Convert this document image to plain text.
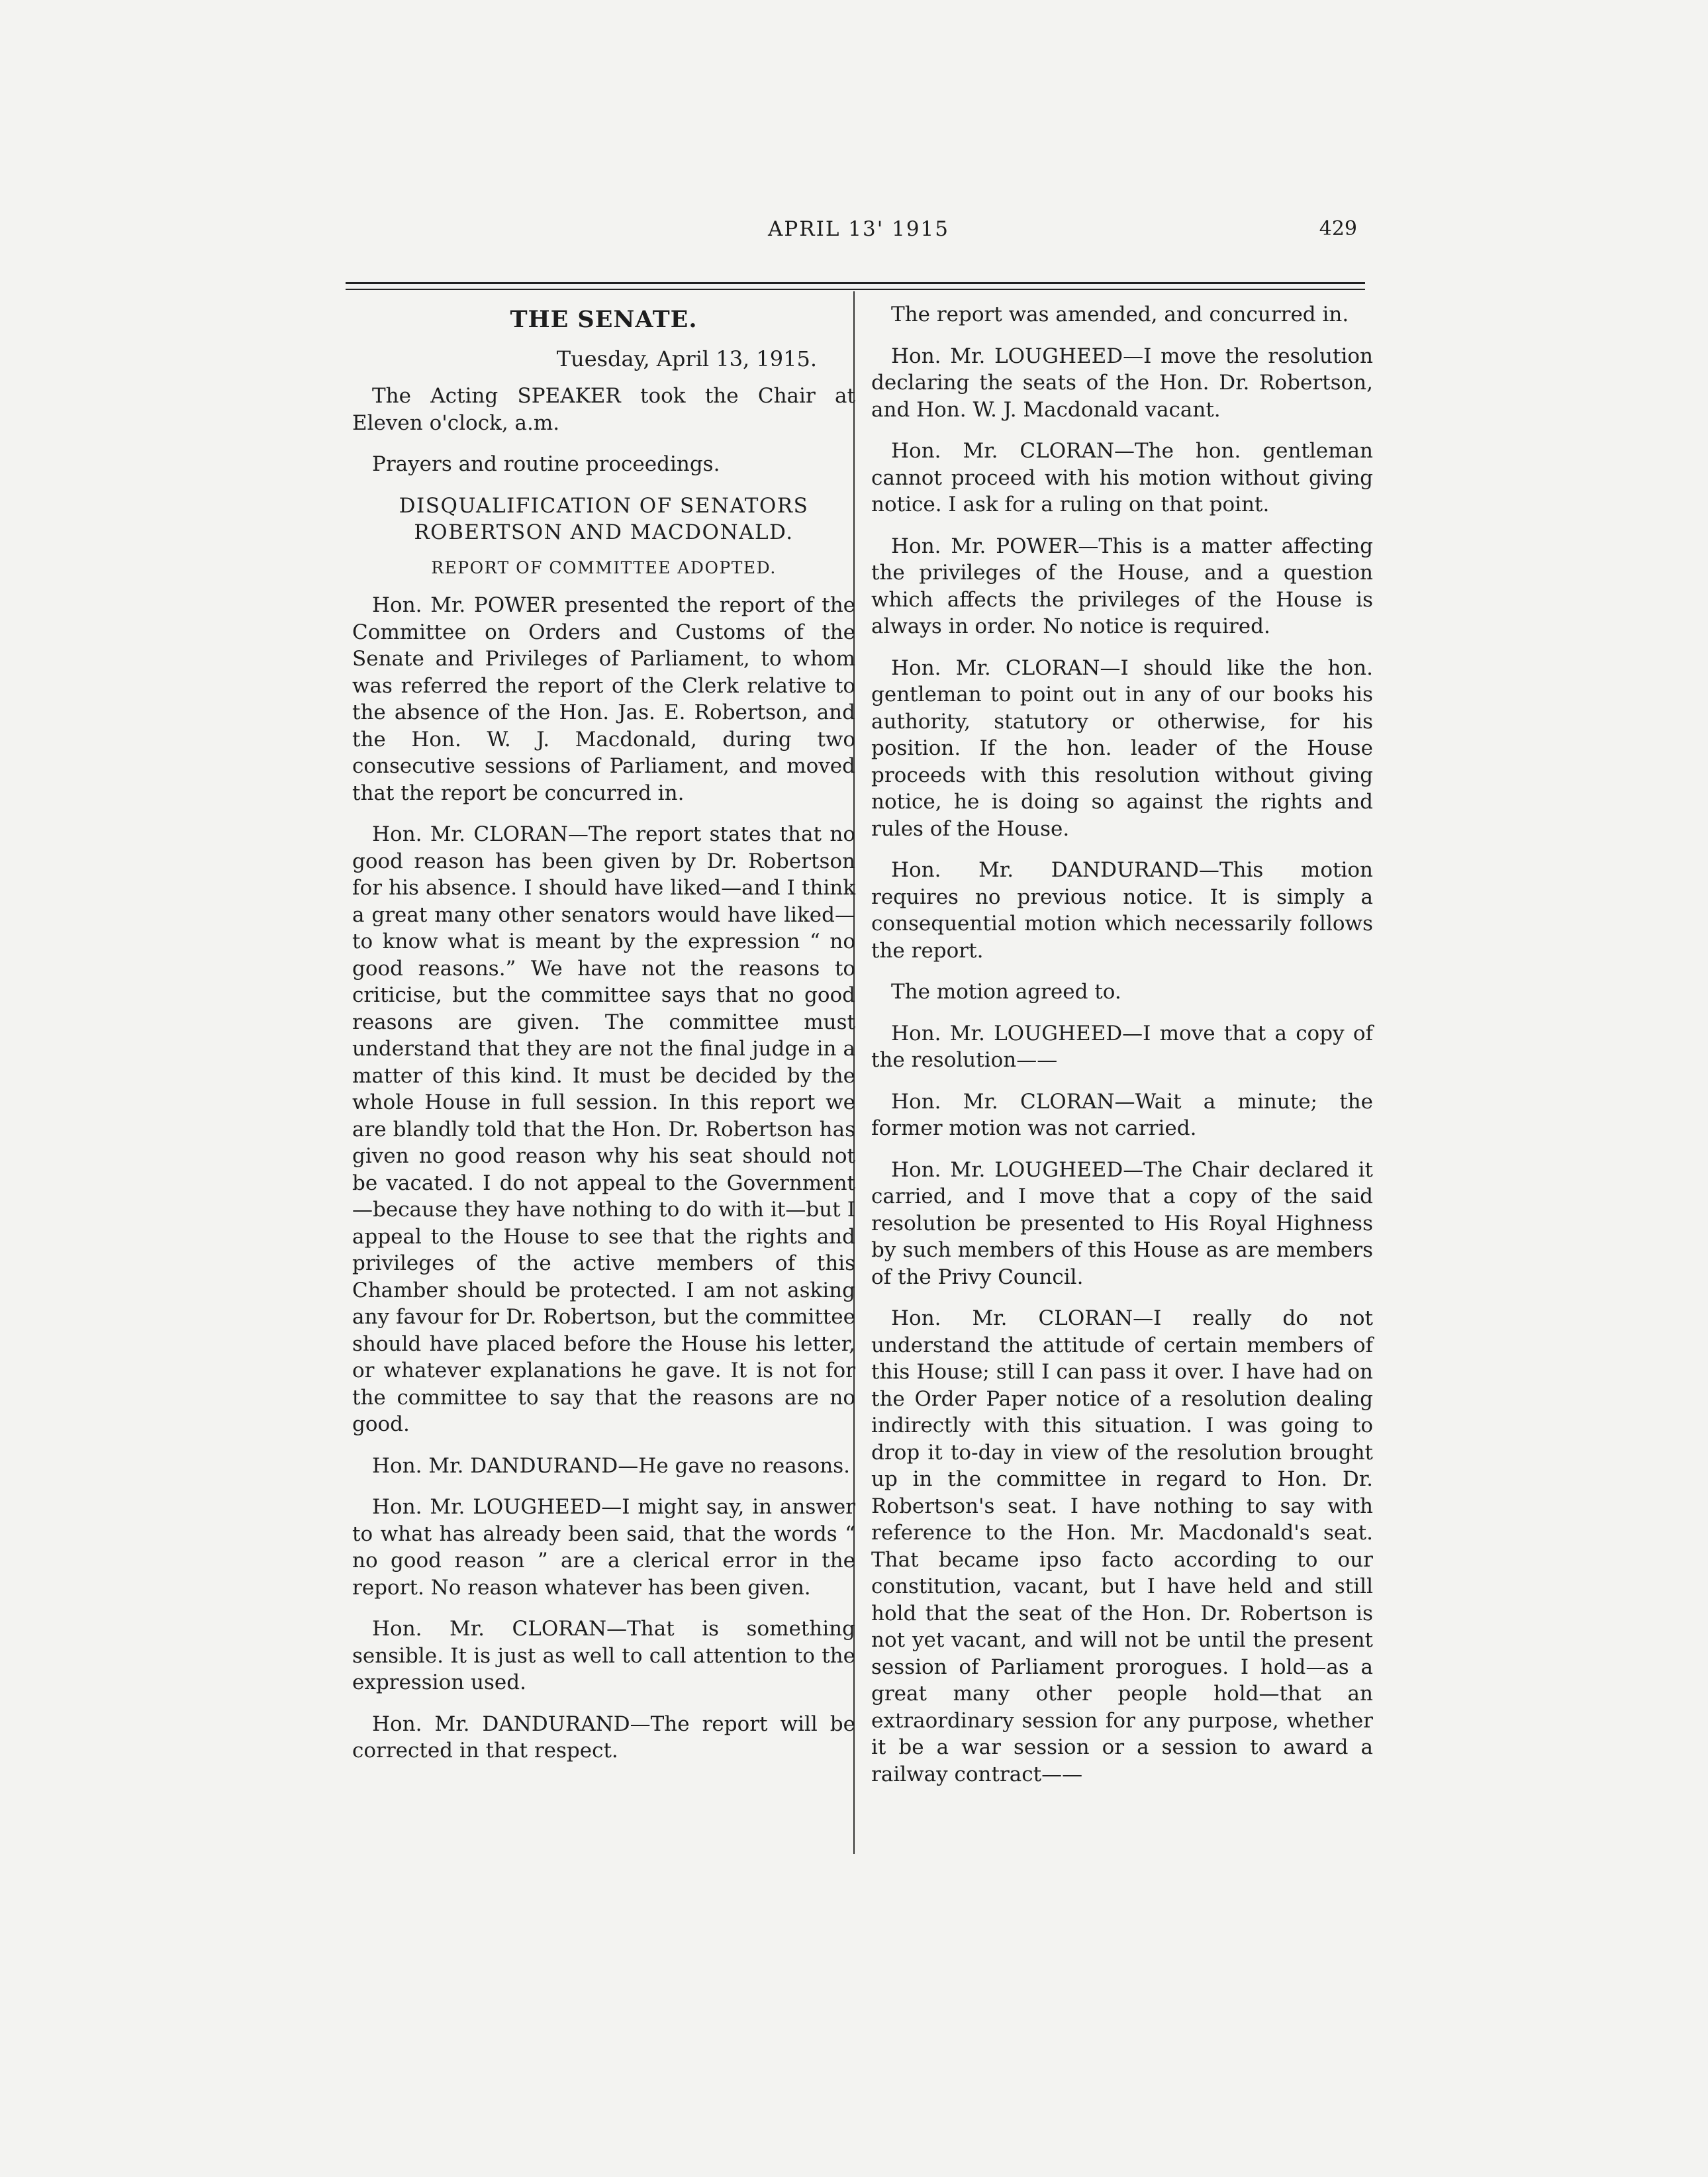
APRIL 13' 1915	429
THE SENATE.
Tuesday, April 13, 1915.

The Acting SPEAKER took the Chair at Eleven o'clock, a.m.

Prayers and routine proceedings.

DISQUALIFICATION OF SENATORS
ROBERTSON AND MACDONALD.
REPORT OF COMMITTEE ADOPTED.

Hon. Mr. POWER presented the report of the Committee on Orders and Customs of the Senate and Privileges of Parliament, to whom was referred the report of the Clerk relative to the absence of the Hon. Jas. E. Robertson, and the Hon. W. J. Macdonald, during two consecutive sessions of Parliament, and moved that the report be concurred in.

Hon. Mr. CLORAN—The report states that no good reason has been given by Dr. Robertson for his absence. I should have liked—and I think a great many other senators would have liked—to know what is meant by the expression “ no good reasons.” We have not the reasons to criticise, but the committee says that no good reasons are given. The committee must understand that they are not the final judge in a matter of this kind. It must be decided by the whole House in full session. In this report we are blandly told that the Hon. Dr. Robertson has given no good reason why his seat should not be vacated. I do not appeal to the Government—because they have nothing to do with it—but I appeal to the House to see that the rights and privileges of the active members of this Chamber should be protected. I am not asking any favour for Dr. Robertson, but the committee should have placed before the House his letter, or whatever explanations he gave. It is not for the committee to say that the reasons are no good.

Hon. Mr. DANDURAND—He gave no reasons.

Hon. Mr. LOUGHEED—I might say, in answer to what has already been said, that the words “ no good reason ” are a clerical error in the report. No reason whatever has been given.

Hon. Mr. CLORAN—That is something sensible. It is just as well to call attention to the expression used.

Hon. Mr. DANDURAND—The report will be corrected in that respect.

The report was amended, and concurred in.

Hon. Mr. LOUGHEED—I move the resolution declaring the seats of the Hon. Dr. Robertson, and Hon. W. J. Macdonald vacant.

Hon. Mr. CLORAN—The hon. gentleman cannot proceed with his motion without giving notice. I ask for a ruling on that point.

Hon. Mr. POWER—This is a matter affecting the privileges of the House, and a question which affects the privileges of the House is always in order. No notice is required.

Hon. Mr. CLORAN—I should like the hon. gentleman to point out in any of our books his authority, statutory or otherwise, for his position. If the hon. leader of the House proceeds with this resolution without giving notice, he is doing so against the rights and rules of the House.

Hon. Mr. DANDURAND—This motion requires no previous notice. It is simply a consequential motion which necessarily follows the report.

The motion agreed to.

Hon. Mr. LOUGHEED—I move that a copy of the resolution——

Hon. Mr. CLORAN—Wait a minute; the former motion was not carried.

Hon. Mr. LOUGHEED—The Chair declared it carried, and I move that a copy of the said resolution be presented to His Royal Highness by such members of this House as are members of the Privy Council.

Hon. Mr. CLORAN—I really do not understand the attitude of certain members of this House; still I can pass it over. I have had on the Order Paper notice of a resolution dealing indirectly with this situation. I was going to drop it to-day in view of the resolution brought up in the committee in regard to Hon. Dr. Robertson's seat. I have nothing to say with reference to the Hon. Mr. Macdonald's seat. That became ipso facto according to our constitution, vacant, but I have held and still hold that the seat of the Hon. Dr. Robertson is not yet vacant, and will not be until the present session of Parliament prorogues. I hold—as a great many other people hold—that an extraordinary session for any purpose, whether it be a war session or a session to award a railway contract——
